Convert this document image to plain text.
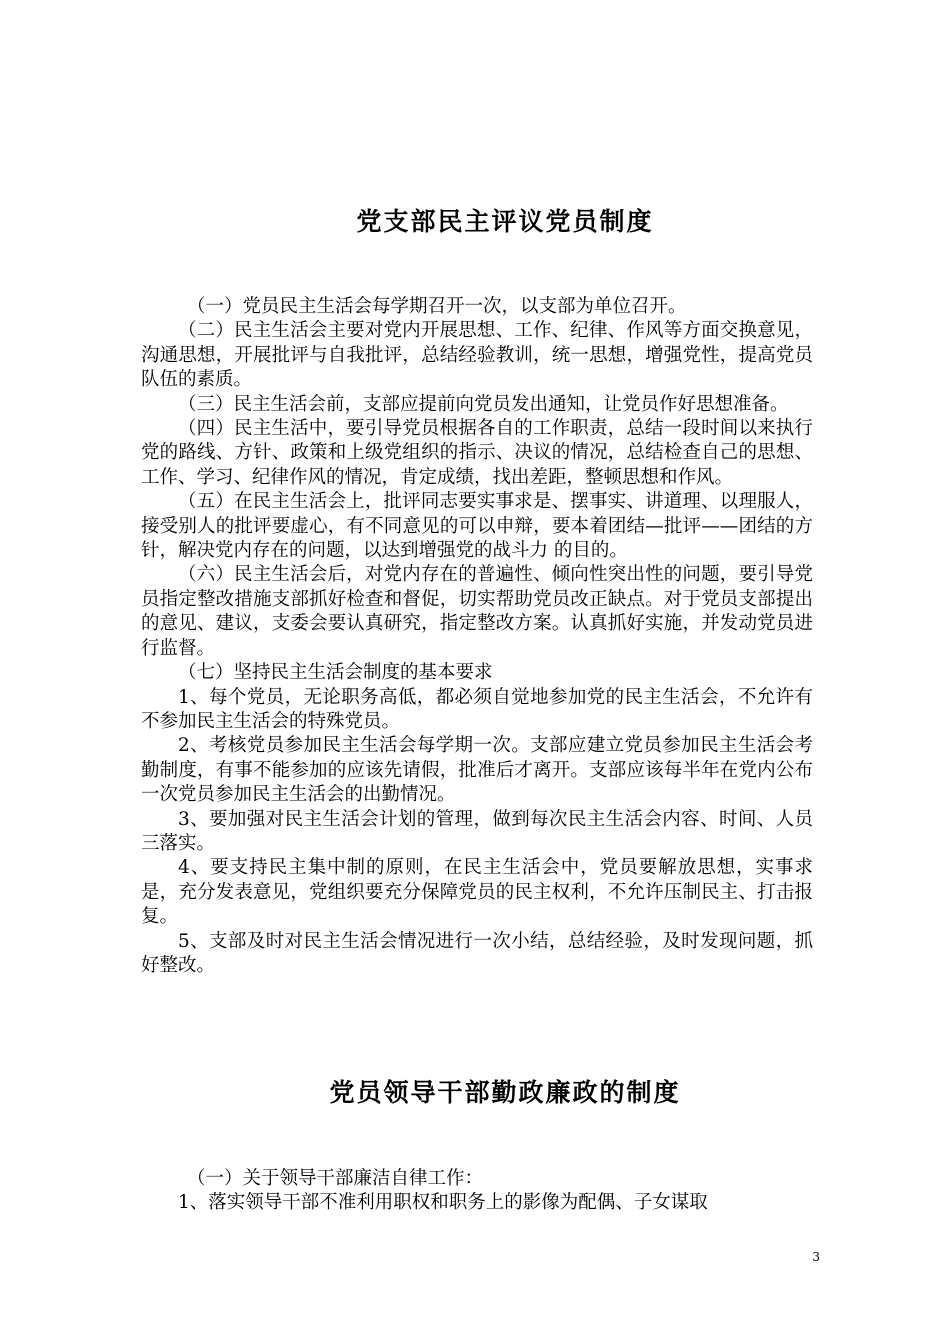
党支部民主评议党员制度

（一）党员民主生活会每学期召开一次，以支部为单位召开。

（二）民主生活会主要对党内开展思想、工作、纪律、作风等方面交换意见，沟通思想，开展批评与自我批评，总结经验教训，统一思想，增强党性，提高党员队伍的素质。

（三）民主生活会前，支部应提前向党员发出通知，让党员作好思想准备。

（四）民主生活中，要引导党员根据各自的工作职责，总结一段时间以来执行党的路线、方针、政策和上级党组织的指示、决议的情况，总结检查自己的思想、工作、学习、纪律作风的情况，肯定成绩，找出差距，整顿思想和作风。

（五）在民主生活会上，批评同志要实事求是、摆事实、讲道理、以理服人，接受别人的批评要虚心，有不同意见的可以申辩，要本着团结—批评——团结的方针，解决党内存在的问题，以达到增强党的战斗力 的目的。

（六）民主生活会后，对党内存在的普遍性、倾向性突出性的问题，要引导党员指定整改措施支部抓好检查和督促，切实帮助党员改正缺点。对于党员支部提出的意见、建议，支委会要认真研究，指定整改方案。认真抓好实施，并发动党员进行监督。

（七）坚持民主生活会制度的基本要求

1、每个党员，无论职务高低，都必须自觉地参加党的民主生活会，不允许有不参加民主生活会的特殊党员。

2、考核党员参加民主生活会每学期一次。支部应建立党员参加民主生活会考勤制度，有事不能参加的应该先请假，批准后才离开。支部应该每半年在党内公布一次党员参加民主生活会的出勤情况。

3、要加强对民主生活会计划的管理，做到每次民主生活会内容、时间、人员三落实。

4、要支持民主集中制的原则，在民主生活会中，党员要解放思想，实事求是，充分发表意见，党组织要充分保障党员的民主权利，不允许压制民主、打击报复。

5、支部及时对民主生活会情况进行一次小结，总结经验，及时发现问题，抓好整改。

党员领导干部勤政廉政的制度

（一）关于领导干部廉洁自律工作：

1、落实领导干部不准利用职权和职务上的影像为配偶、子女谋取

3
